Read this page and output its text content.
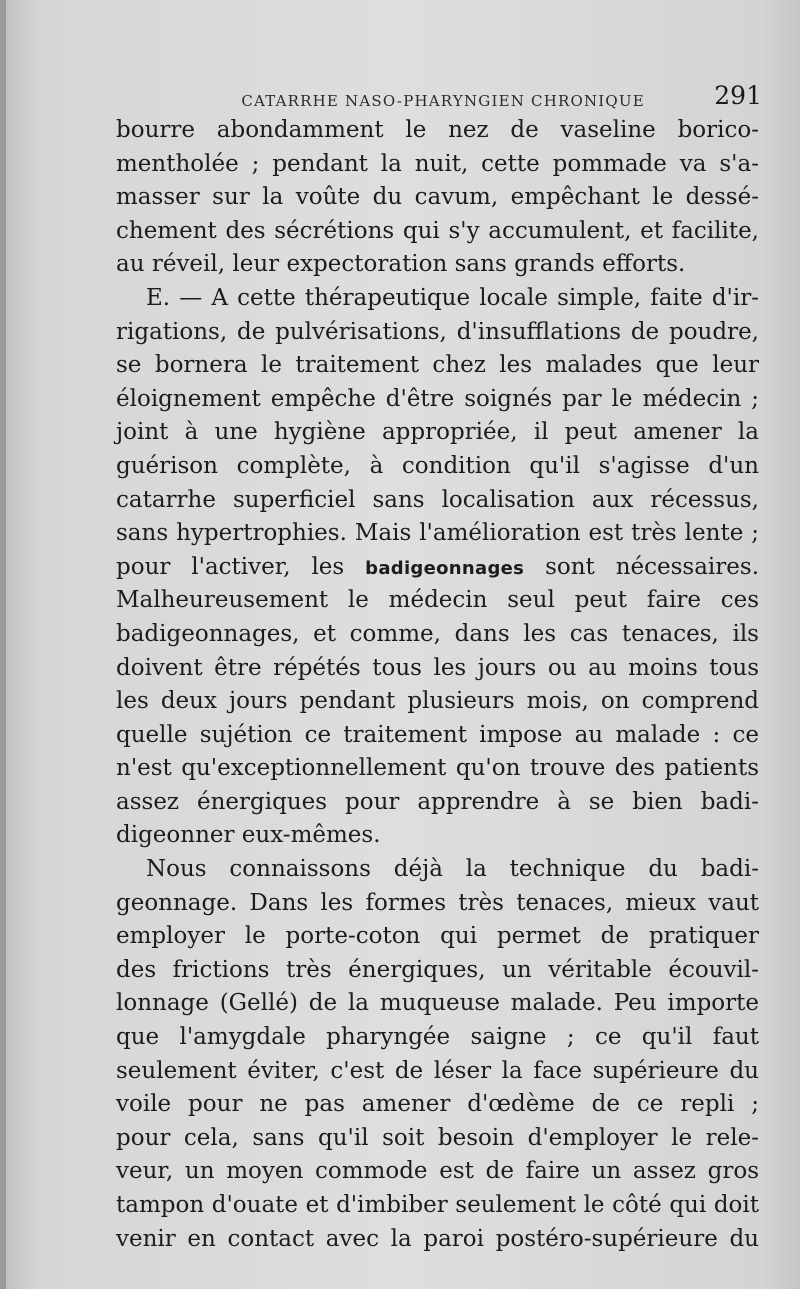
CATARRHE NASO-PHARYNGIEN CHRONIQUE	291
bourre abondamment le nez de vaseline borico-
mentholée ; pendant la nuit, cette pommade va s'a-
masser sur la voûte du cavum, empêchant le dessé-
chement des sécrétions qui s'y accumulent, et facilite,
au réveil, leur expectoration sans grands efforts.
E. — A cette thérapeutique locale simple, faite d'ir-
rigations, de pulvérisations, d'insufflations de poudre,
se bornera le traitement chez les malades que leur
éloignement empêche d'être soignés par le médecin ;
joint à une hygiène appropriée, il peut amener la
guérison complète, à condition qu'il s'agisse d'un
catarrhe superficiel sans localisation aux récessus,
sans hypertrophies. Mais l'amélioration est très lente ;
pour l'activer, les badigeonnages sont nécessaires.
Malheureusement le médecin seul peut faire ces
badigeonnages, et comme, dans les cas tenaces, ils
doivent être répétés tous les jours ou au moins tous
les deux jours pendant plusieurs mois, on comprend
quelle sujétion ce traitement impose au malade : ce
n'est qu'exceptionnellement qu'on trouve des patients
assez énergiques pour apprendre à se bien badi-
digeonner eux-mêmes.
Nous connaissons déjà la technique du badi-
geonnage. Dans les formes très tenaces, mieux vaut
employer le porte-coton qui permet de pratiquer
des frictions très énergiques, un véritable écouvil-
lonnage (Gellé) de la muqueuse malade. Peu importe
que l'amygdale pharyngée saigne ; ce qu'il faut
seulement éviter, c'est de léser la face supérieure du
voile pour ne pas amener d'œdème de ce repli ;
pour cela, sans qu'il soit besoin d'employer le rele-
veur, un moyen commode est de faire un assez gros
tampon d'ouate et d'imbiber seulement le côté qui doit
venir en contact avec la paroi postéro-supérieure du
